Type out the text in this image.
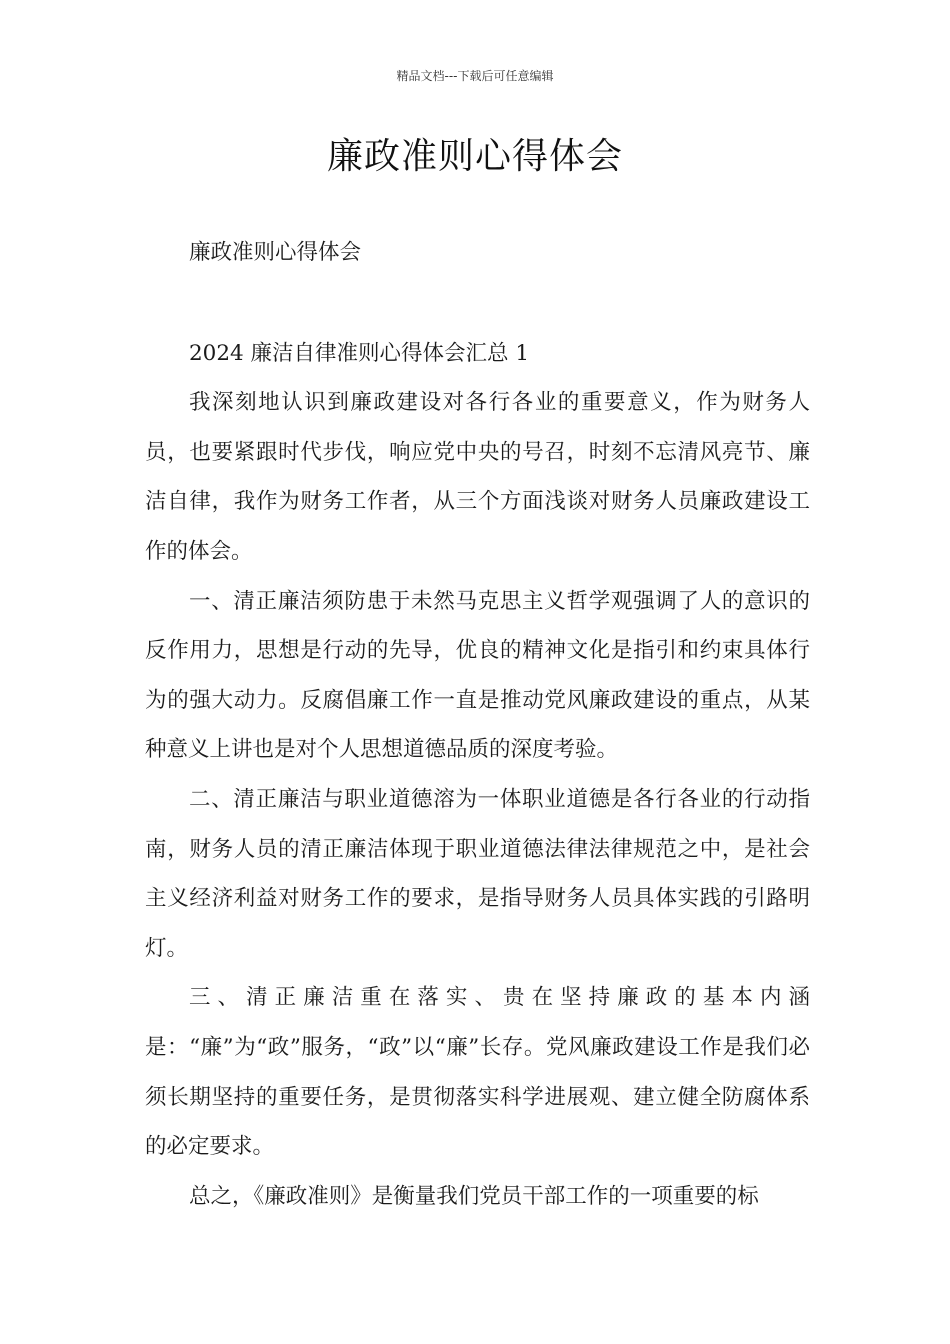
精品文档---下载后可任意编辑
廉政准则心得体会

廉政准则心得体会

2024 廉洁自律准则心得体会汇总 1

我深刻地认识到廉政建设对各行各业的重要意义，作为财务人员，也要紧跟时代步伐，响应党中央的号召，时刻不忘清风亮节、廉洁自律，我作为财务工作者，从三个方面浅谈对财务人员廉政建设工作的体会。

一、清正廉洁须防患于未然马克思主义哲学观强调了人的意识的反作用力，思想是行动的先导，优良的精神文化是指引和约束具体行为的强大动力。反腐倡廉工作一直是推动党风廉政建设的重点，从某种意义上讲也是对个人思想道德品质的深度考验。

二、清正廉洁与职业道德溶为一体职业道德是各行各业的行动指南，财务人员的清正廉洁体现于职业道德法律法律规范之中，是社会主义经济利益对财务工作的要求，是指导财务人员具体实践的引路明灯。

三、清正廉洁重在落实、贵在坚持廉政的基本内涵是：“廉”为“政”服务，“政”以“廉”长存。党风廉政建设工作是我们必须长期坚持的重要任务，是贯彻落实科学进展观、建立健全防腐体系的必定要求。

总之，《廉政准则》是衡量我们党员干部工作的一项重要的标
